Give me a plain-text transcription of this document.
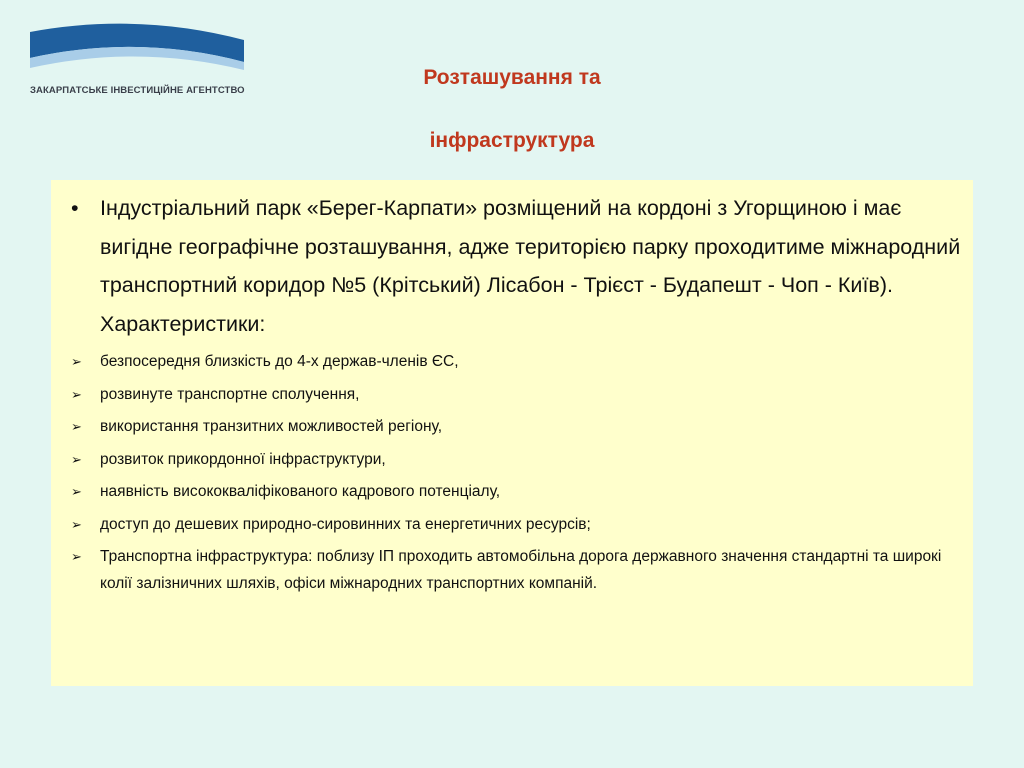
ЗАКАРПАТСЬКЕ ІНВЕСТИЦІЙНЕ АГЕНТСТВО
Розташування та
інфраструктура
• Індустріальний парк «Берег-Карпати» розміщений на кордоні з Угорщиною і має вигідне географічне розташування, адже територією парку проходитиме міжнародний транспортний коридор №5 (Крітський) Лісабон - Трієст - Будапешт - Чоп - Київ). Характеристики:
➢ безпосередня близкість до 4-х держав-членів ЄС,
➢ розвинуте транспортне сполучення,
➢ використання транзитних можливостей регіону,
➢ розвиток прикордонної інфраструктури,
➢ наявність висококваліфікованого кадрового потенціалу,
➢ доступ до дешевих природно-сировинних та енергетичних ресурсів;
➢ Транспортна інфраструктура: поблизу ІП проходить автомобільна дорога державного значення стандартні та широкі колії залізничних шляхів, офіси міжнародних транспортних компаній.
